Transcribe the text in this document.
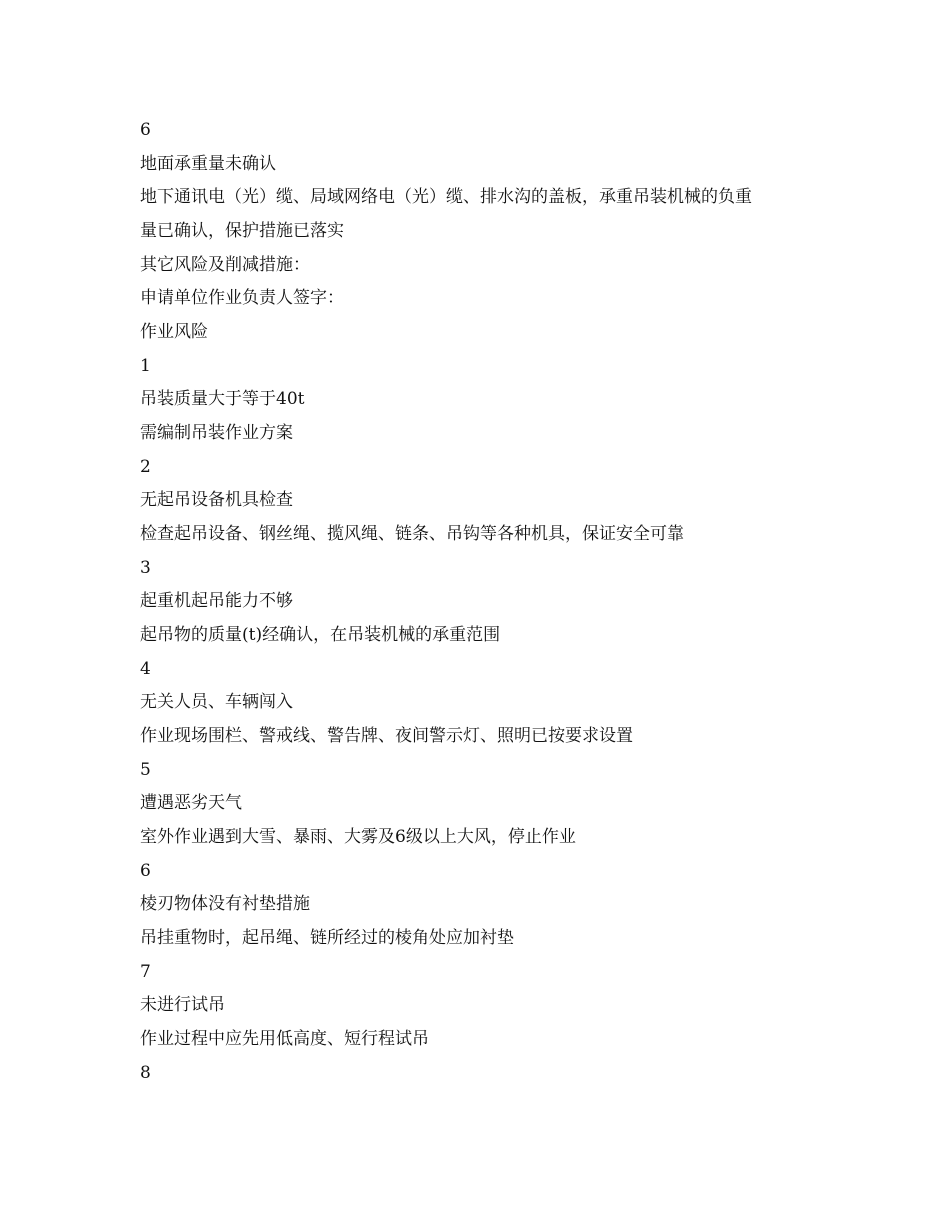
6

地面承重量未确认

地下通讯电（光）缆、局域网络电（光）缆、排水沟的盖板，承重吊装机械的负重

量已确认，保护措施已落实

其它风险及削减措施：

申请单位作业负责人签字：

作业风险

1

吊装质量大于等于40t

需编制吊装作业方案

2

无起吊设备机具检查

检查起吊设备、钢丝绳、揽风绳、链条、吊钩等各种机具，保证安全可靠

3

起重机起吊能力不够

起吊物的质量(t)经确认，在吊装机械的承重范围

4

无关人员、车辆闯入

作业现场围栏、警戒线、警告牌、夜间警示灯、照明已按要求设置

5

遭遇恶劣天气

室外作业遇到大雪、暴雨、大雾及6级以上大风，停止作业

6

棱刃物体没有衬垫措施

吊挂重物时，起吊绳、链所经过的棱角处应加衬垫

7

未进行试吊

作业过程中应先用低高度、短行程试吊

8
